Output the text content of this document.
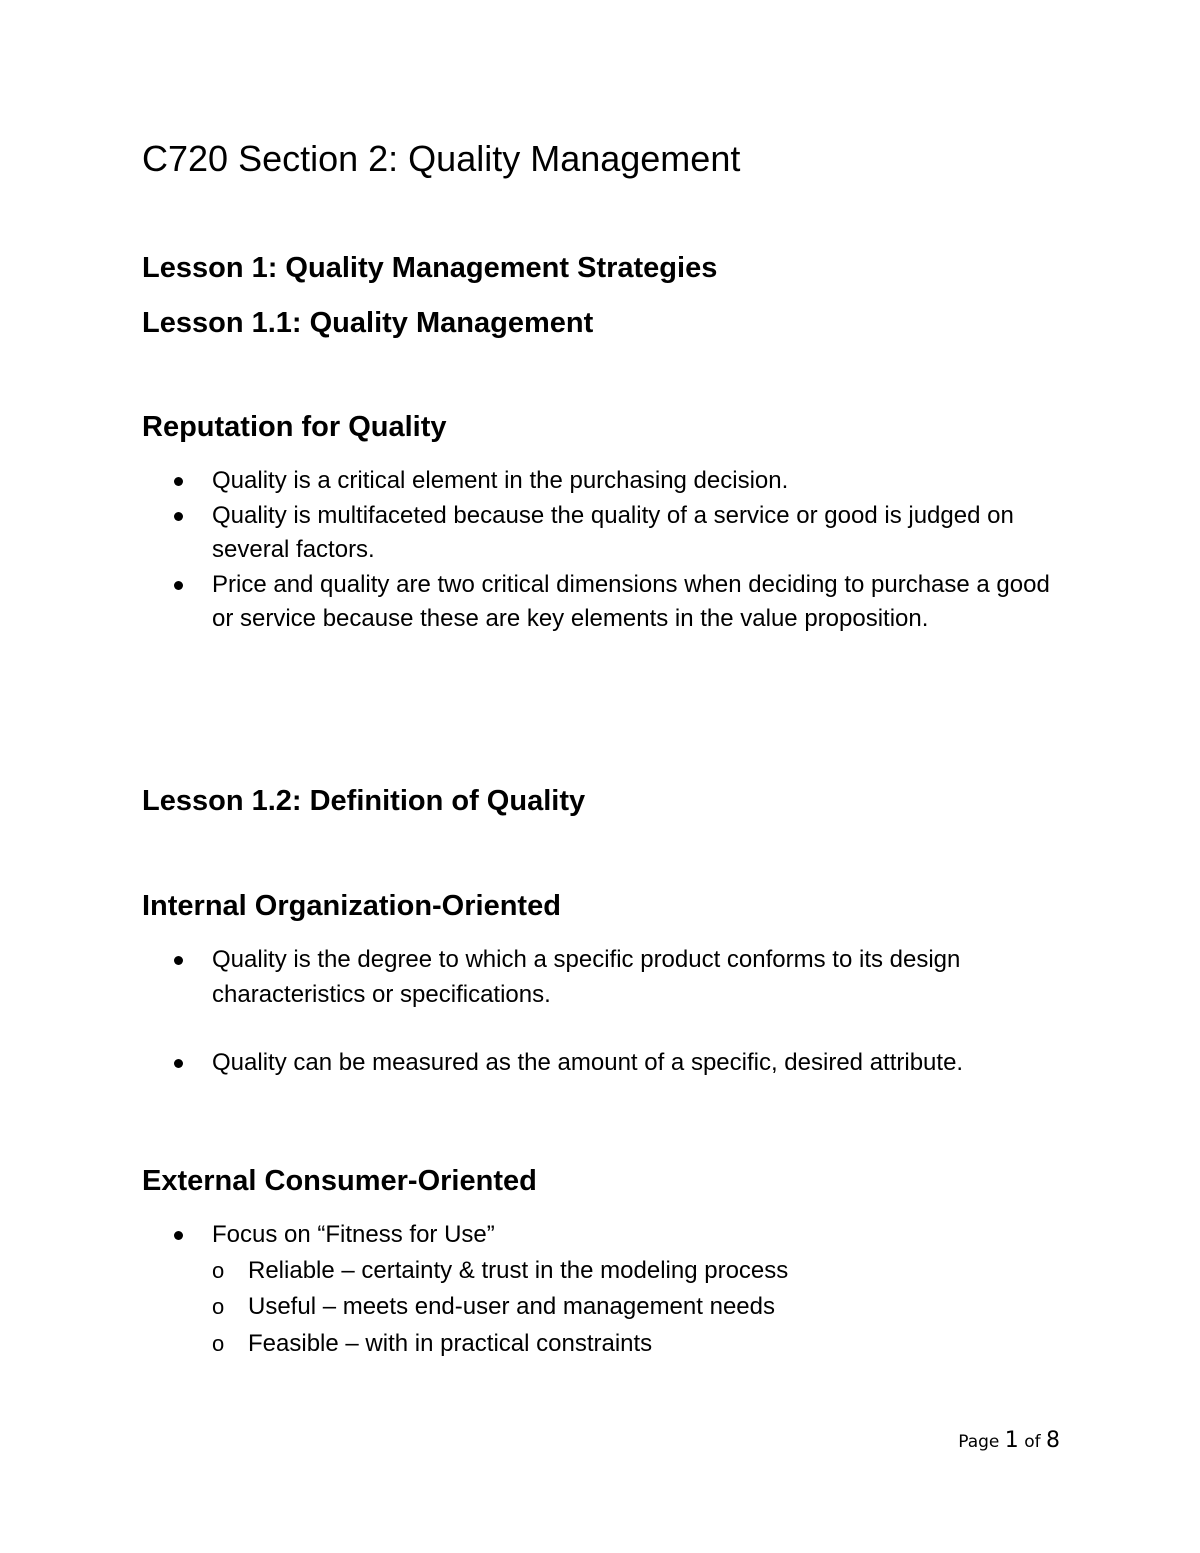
C720 Section 2: Quality Management
Lesson 1: Quality Management Strategies
Lesson 1.1: Quality Management
Reputation for Quality
Quality is a critical element in the purchasing decision.
Quality is multifaceted because the quality of a service or good is judged on several factors.
Price and quality are two critical dimensions when deciding to purchase a good or service because these are key elements in the value proposition.
Lesson 1.2: Definition of Quality
Internal Organization-Oriented
Quality is the degree to which a specific product conforms to its design characteristics or specifications.
Quality can be measured as the amount of a specific, desired attribute.
External Consumer-Oriented
Focus on “Fitness for Use”
o Reliable – certainty & trust in the modeling process
o Useful – meets end-user and management needs
o Feasible – with in practical constraints
Page 1 of 8
